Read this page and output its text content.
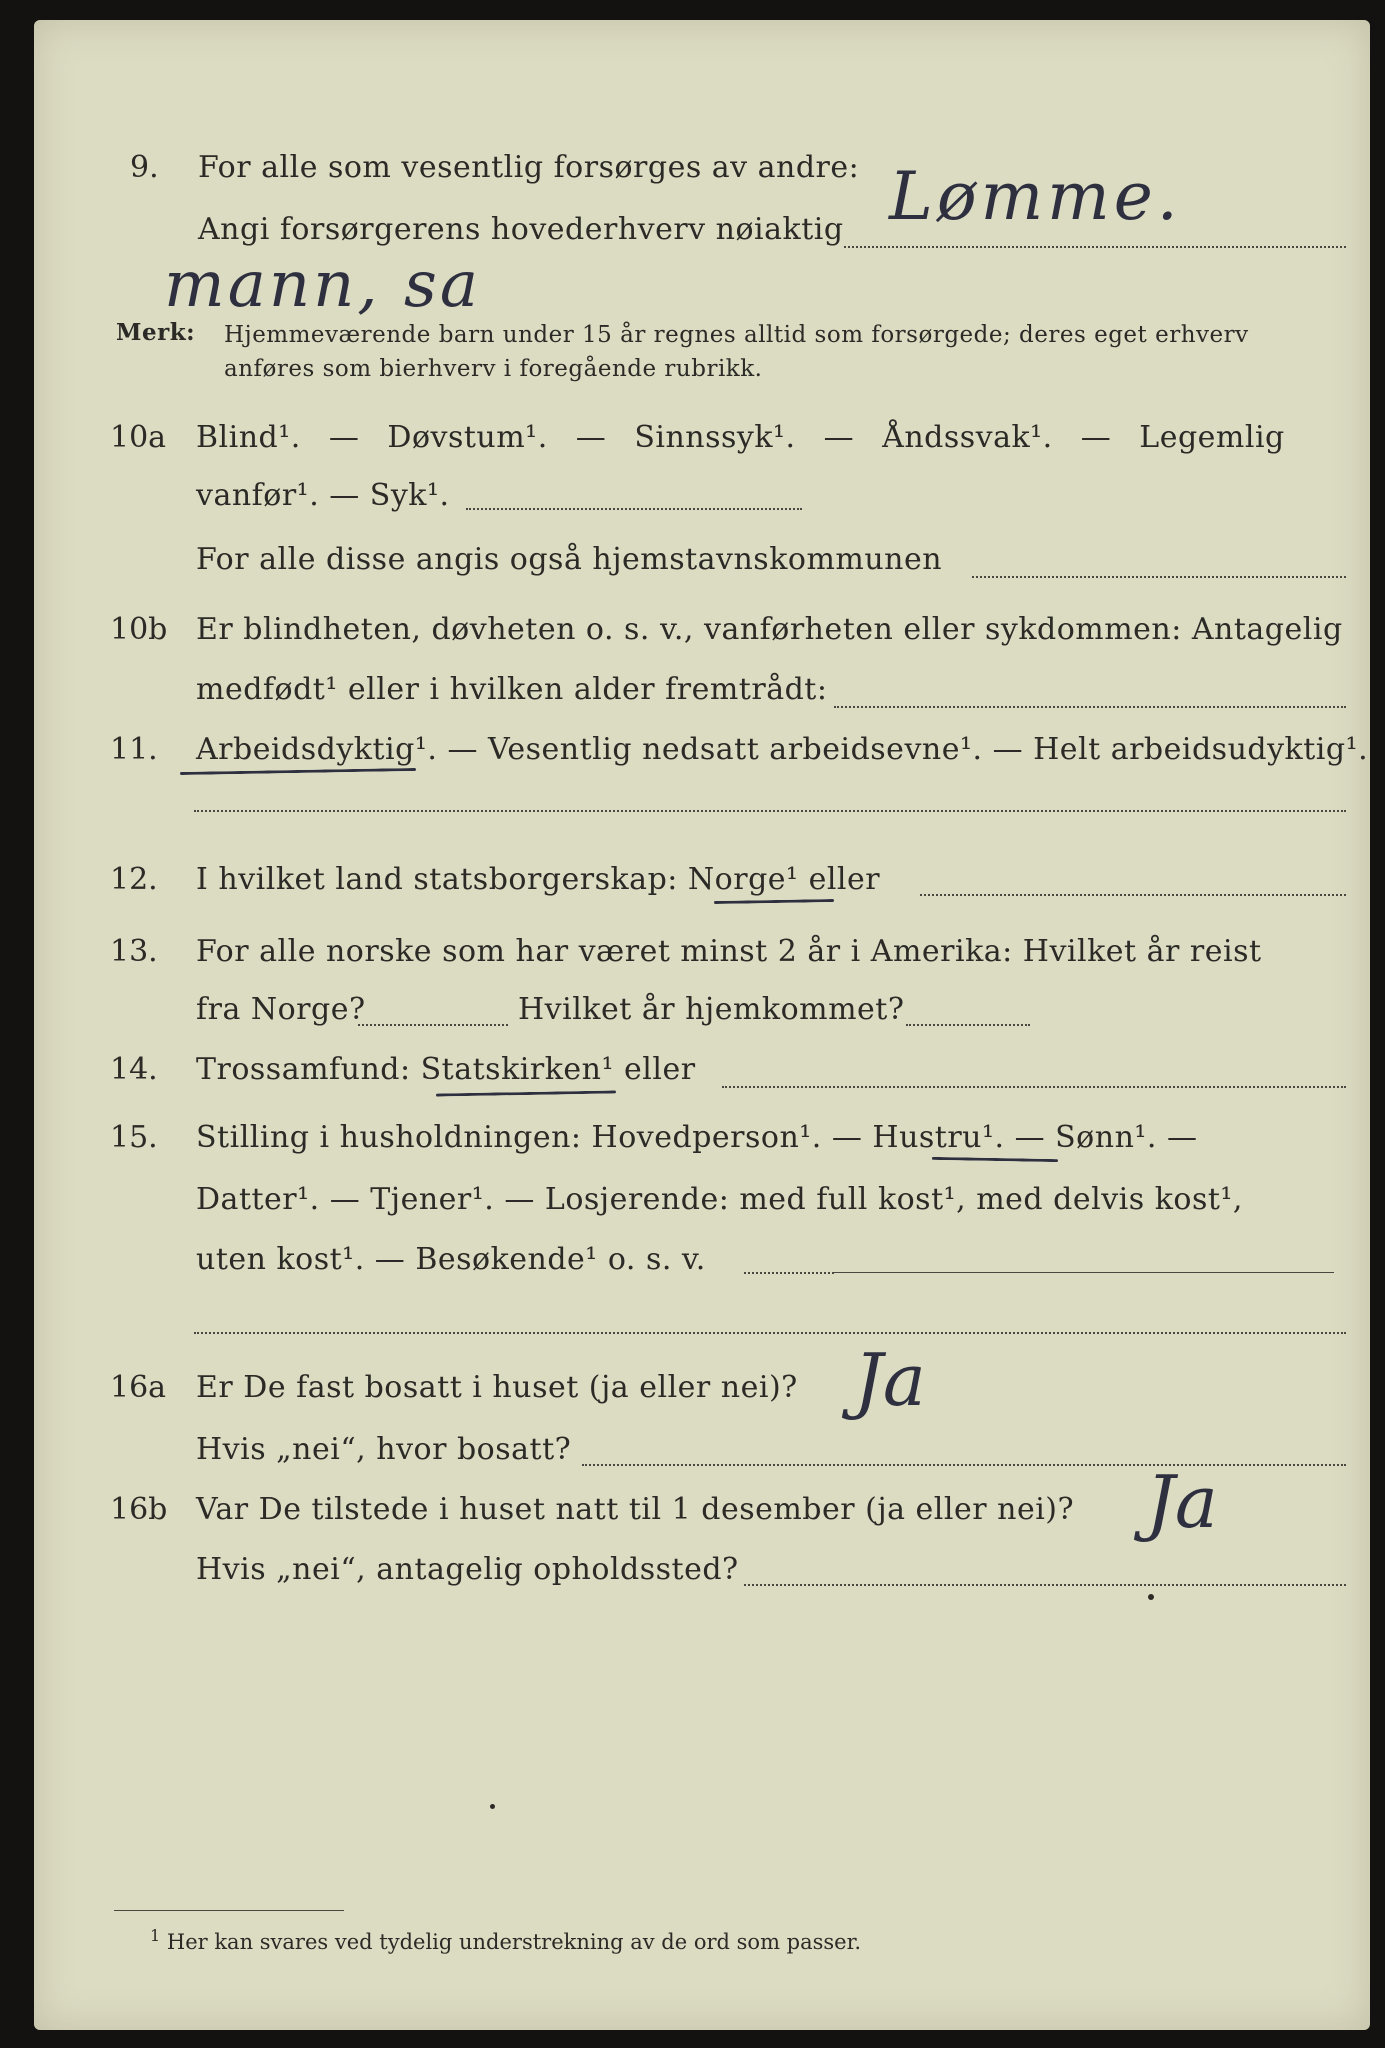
9. For alle som vesentlig forsørges av andre:
Angi forsørgerens hovederhverv nøiaktig Lømme.
mann, sa
Merk: Hjemmeværende barn under 15 år regnes alltid som forsørgede; deres eget erhverv
anføres som bierhverv i foregående rubrikk.
10a Blind¹. — Døvstum¹. — Sinnssyk¹. — Åndssvak¹. — Legemlig
vanfør¹. — Syk¹.
For alle disse angis også hjemstavnskommunen
10b Er blindheten, døvheten o. s. v., vanførheten eller sykdommen: Antagelig
medfødt¹ eller i hvilken alder fremtrådt:
11. Arbeidsdyktig¹. — Vesentlig nedsatt arbeidsevne¹. — Helt arbeidsudyktig¹.
12. I hvilket land statsborgerskap: Norge¹ eller
13. For alle norske som har været minst 2 år i Amerika: Hvilket år reist
fra Norge?	Hvilket år hjemkommet?
14. Trossamfund: Statskirken¹ eller
15. Stilling i husholdningen: Hovedperson¹. — Hustru¹. — Sønn¹. —
Datter¹. — Tjener¹. — Losjerende: med full kost¹, med delvis kost¹,
uten kost¹. — Besøkende¹ o. s. v.
16a Er De fast bosatt i huset (ja eller nei)? Ja
Hvis „nei“, hvor bosatt?
16b Var De tilstede i huset natt til 1 desember (ja eller nei)? Ja
Hvis „nei“, antagelig opholdssted?
$^1$ Her kan svares ved tydelig understrekning av de ord som passer.
